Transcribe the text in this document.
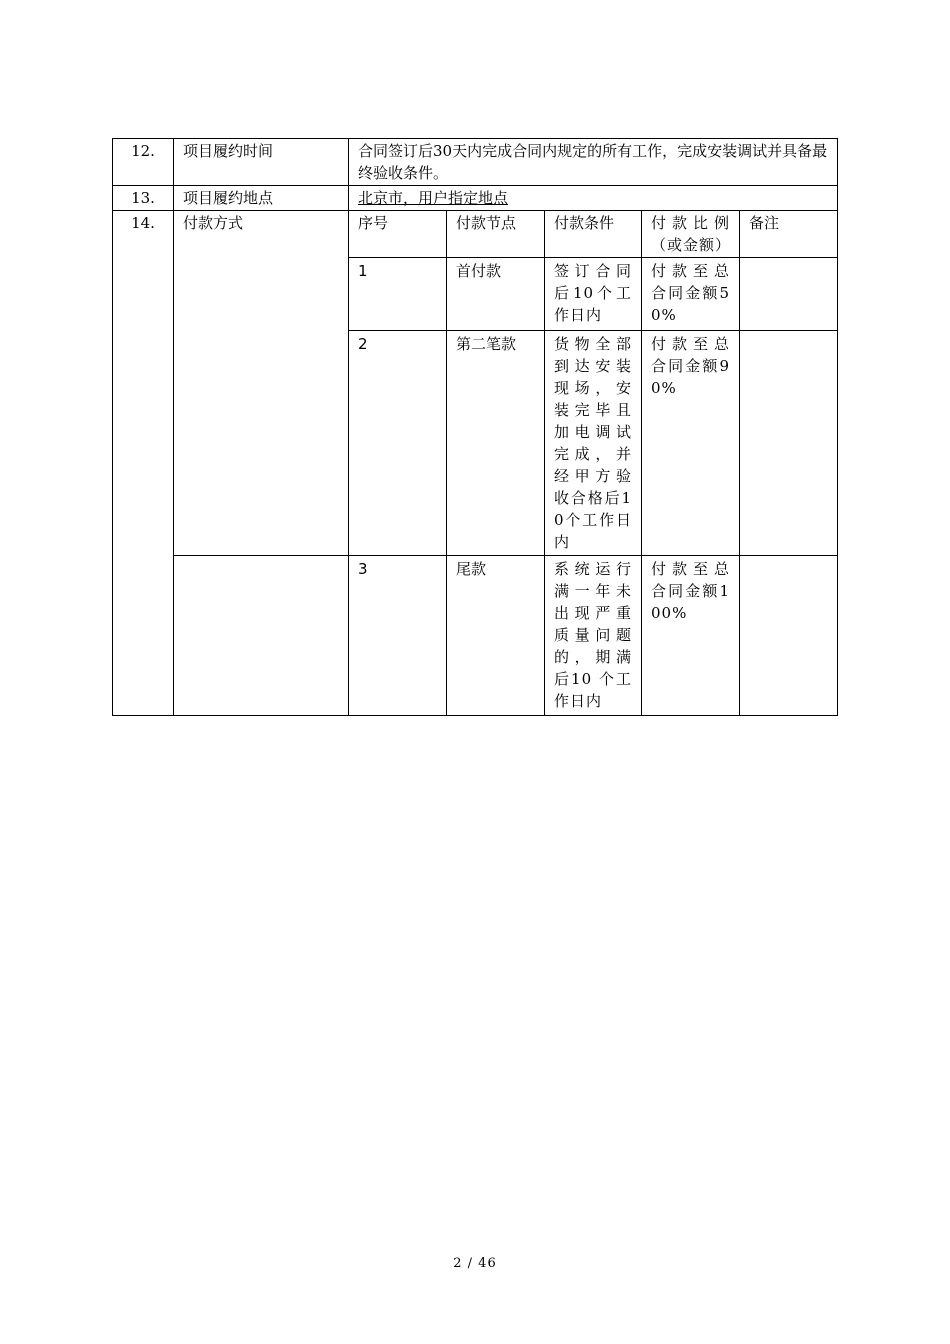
12.	项目履约时间	合同签订后30天内完成合同内规定的所有工作，完成安装调试并具备最终验收条件。				
13.	项目履约地点	北京市，用户指定地点				
14.	付款方式	序号	付款节点	付款条件	付款比例（或金额）	备注
		1	首付款	签订合同后10个工作日内	付款至总合同金额50%	
		2	第二笔款	货物全部到达安装现场，安装完毕且加电调试完成，并经甲方验收合格后10个工作日内	付款至总合同金额90%	
		3	尾款	系统运行满一年未出现严重质量问题的，期满后10 个工作日内	付款至总合同金额100%	
2 / 46
